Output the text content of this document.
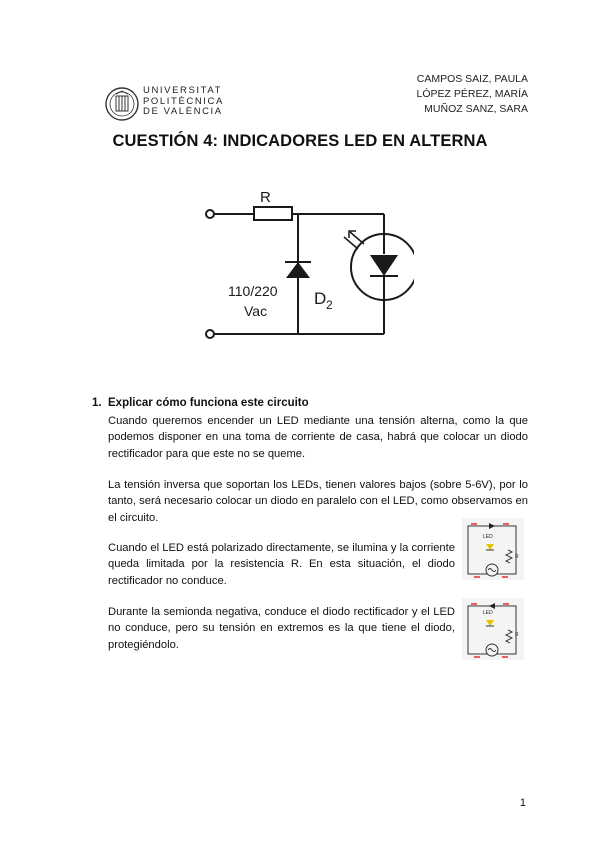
UNIVERSITAT
POLITÈCNICA
DE VALÈNCIA
CAMPOS SAIZ, PAULA
LÓPEZ PÉREZ, MARÍA
MUÑOZ SANZ, SARA
CUESTIÓN 4: INDICADORES LED EN ALTERNA
R
110/220
Vac
D 2
1. Explicar cómo funciona este circuito
Cuando queremos encender un LED mediante una tensión alterna, como la que podemos disponer en una toma de corriente de casa, habrá que colocar un diodo rectificador para que este no se queme.
La tensión inversa que soportan los LEDs, tienen valores bajos (sobre 5-6V), por lo tanto, será necesario colocar un diodo en paralelo con el LED, como observamos en el circuito.
Cuando el LED está polarizado directamente, se ilumina y la corriente queda limitada por la resistencia R. En esta situación, el diodo rectificador no conduce.
Durante la semionda negativa, conduce el diodo rectificador y el LED no conduce, pero su tensión en extremos es la que tiene el diodo, protegiéndolo.
LED
R
LED
R
1
